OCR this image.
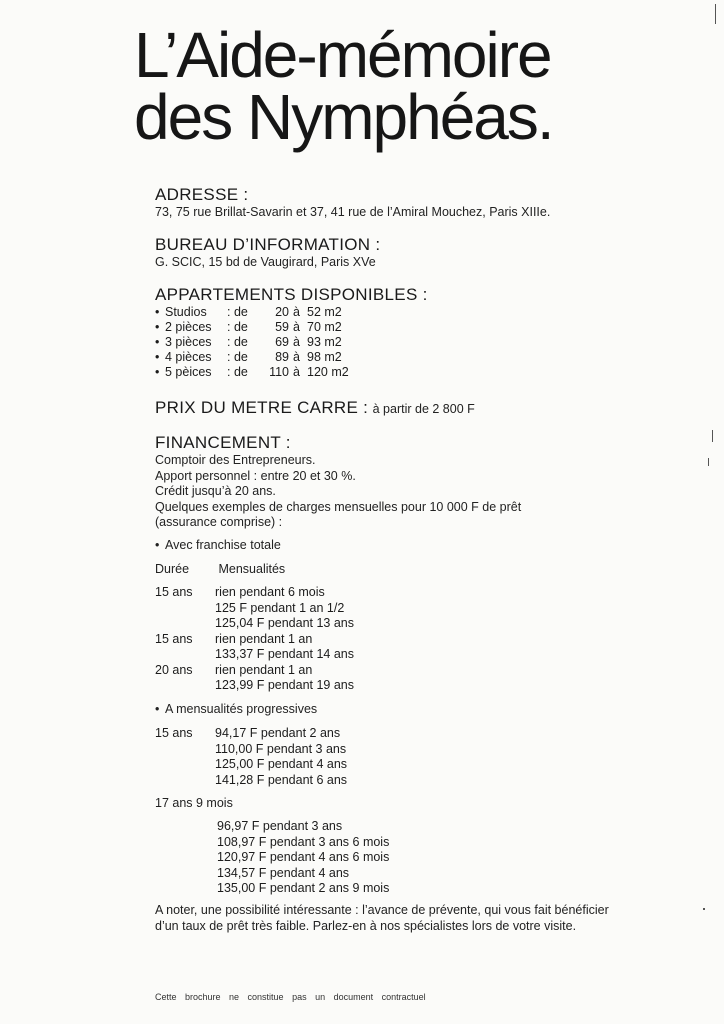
L’Aide-mémoire
des Nymphéas.
ADRESSE :
73, 75 rue Brillat-Savarin et 37, 41 rue de l’Amiral Mouchez, Paris XIIIe.
BUREAU D’INFORMATION :
G. SCIC, 15 bd de Vaugirard, Paris XVe
APPARTEMENTS DISPONIBLES :
• Studios : de 20 à 52 m2
• 2 pièces : de 59 à 70 m2
• 3 pièces : de 69 à 93 m2
• 4 pièces : de 89 à 98 m2
• 5 pèices : de 110 à 120 m2
PRIX DU METRE CARRE : à partir de 2 800 F
FINANCEMENT :
Comptoir des Entrepreneurs.
Apport personnel : entre 20 et 30 %.
Crédit jusqu’à 20 ans.
Quelques exemples de charges mensuelles pour 10 000 F de prêt
(assurance comprise) :
• Avec franchise totale
Durée Mensualités
15 ans rien pendant 6 mois
125 F pendant 1 an 1/2
125,04 F pendant 13 ans
15 ans rien pendant 1 an
133,37 F pendant 14 ans
20 ans rien pendant 1 an
123,99 F pendant 19 ans
• A mensualités progressives
15 ans 94,17 F pendant 2 ans
110,00 F pendant 3 ans
125,00 F pendant 4 ans
141,28 F pendant 6 ans
17 ans 9 mois
96,97 F pendant 3 ans
108,97 F pendant 3 ans 6 mois
120,97 F pendant 4 ans 6 mois
134,57 F pendant 4 ans
135,00 F pendant 2 ans 9 mois
A noter, une possibilité intéressante : l’avance de prévente, qui vous fait bénéficier
d’un taux de prêt très faible. Parlez-en à nos spécialistes lors de votre visite.
Cette brochure ne constitue pas un document contractuel
